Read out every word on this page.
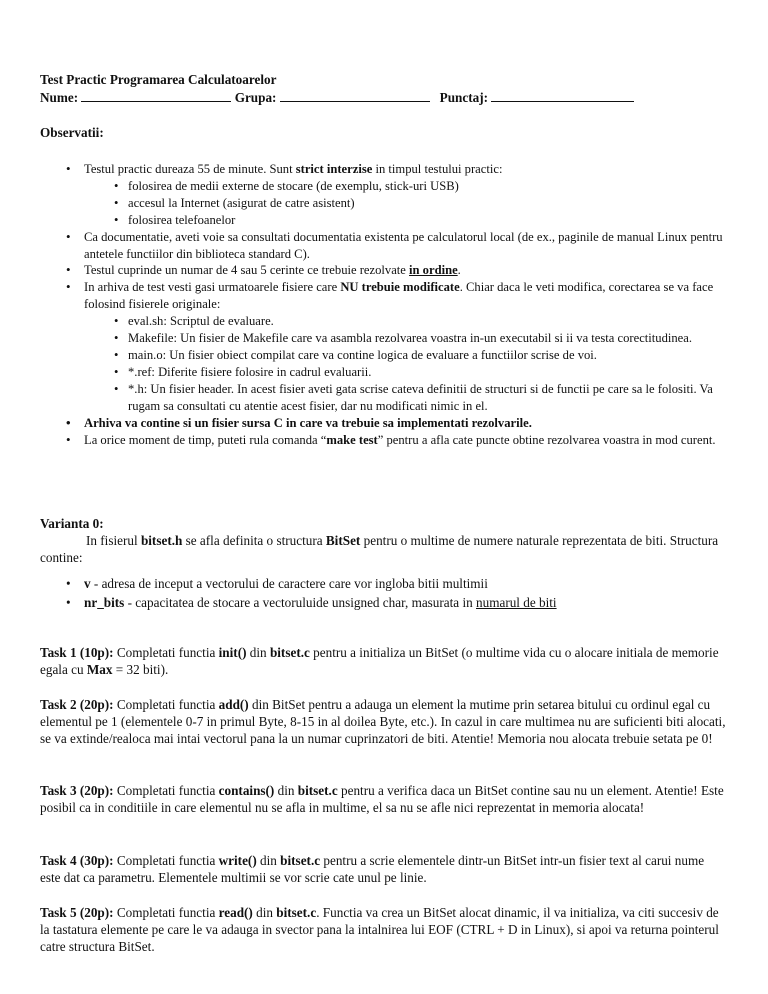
Test Practic Programarea Calculatoarelor

Nume:	Grupa:	Punctaj:

Observatii:

• Testul practic dureaza 55 de minute. Sunt strict interzise in timpul testului practic:
• folosirea de medii externe de stocare (de exemplu, stick-uri USB)
• accesul la Internet (asigurat de catre asistent)
• folosirea telefoanelor
• Ca documentatie, aveti voie sa consultati documentatia existenta pe calculatorul local (de ex., paginile de manual Linux pentru antetele functiilor din biblioteca standard C).
• Testul cuprinde un numar de 4 sau 5 cerinte ce trebuie rezolvate in ordine.
• In arhiva de test vesti gasi urmatoarele fisiere care NU trebuie modificate. Chiar daca le veti modifica, corectarea se va face folosind fisierele originale:
• eval.sh: Scriptul de evaluare.
• Makefile: Un fisier de Makefile care va asambla rezolvarea voastra in-un executabil si ii va testa corectitudinea.
• main.o: Un fisier obiect compilat care va contine logica de evaluare a functiilor scrise de voi.
• *.ref: Diferite fisiere folosire in cadrul evaluarii.
• *.h: Un fisier header. In acest fisier aveti gata scrise cateva definitii de structuri si de functii pe care sa le folositi. Va rugam sa consultati cu atentie acest fisier, dar nu modificati nimic in el.
• Arhiva va contine si un fisier sursa C in care va trebuie sa implementati rezolvarile.
• La orice moment de timp, puteti rula comanda “make test” pentru a afla cate puncte obtine rezolvarea voastra in mod curent.

Varianta 0:

In fisierul bitset.h se afla definita o structura BitSet pentru o multime de numere naturale reprezentata de biti. Structura contine:

• v - adresa de inceput a vectorului de caractere care vor ingloba bitii multimii
• nr_bits - capacitatea de stocare a vectoruluide unsigned char, masurata in numarul de biti

Task 1 (10p): Completati functia init() din bitset.c pentru a initializa un BitSet (o multime vida cu o alocare initiala de memorie egala cu Max = 32 biti).

Task 2 (20p): Completati functia add() din BitSet pentru a adauga un element la mutime prin setarea bitului cu ordinul egal cu elementul pe 1 (elementele 0-7 in primul Byte, 8-15 in al doilea Byte, etc.). In cazul in care multimea nu are suficienti biti alocati, se va extinde/realoca mai intai vectorul pana la un numar cuprinzatori de biti. Atentie! Memoria nou alocata trebuie setata pe 0!

Task 3 (20p): Completati functia contains() din bitset.c pentru a verifica daca un BitSet contine sau nu un element. Atentie! Este posibil ca in conditiile in care elementul nu se afla in multime, el sa nu se afle nici reprezentat in memoria alocata!

Task 4 (30p): Completati functia write() din bitset.c pentru a scrie elementele dintr-un BitSet intr-un fisier text al carui nume este dat ca parametru. Elementele multimii se vor scrie cate unul pe linie.

Task 5 (20p): Completati functia read() din bitset.c. Functia va crea un BitSet alocat dinamic, il va initializa, va citi succesiv de la tastatura elemente pe care le va adauga in svector pana la intalnirea lui EOF (CTRL + D in Linux), si apoi va returna pointerul catre structura BitSet.
